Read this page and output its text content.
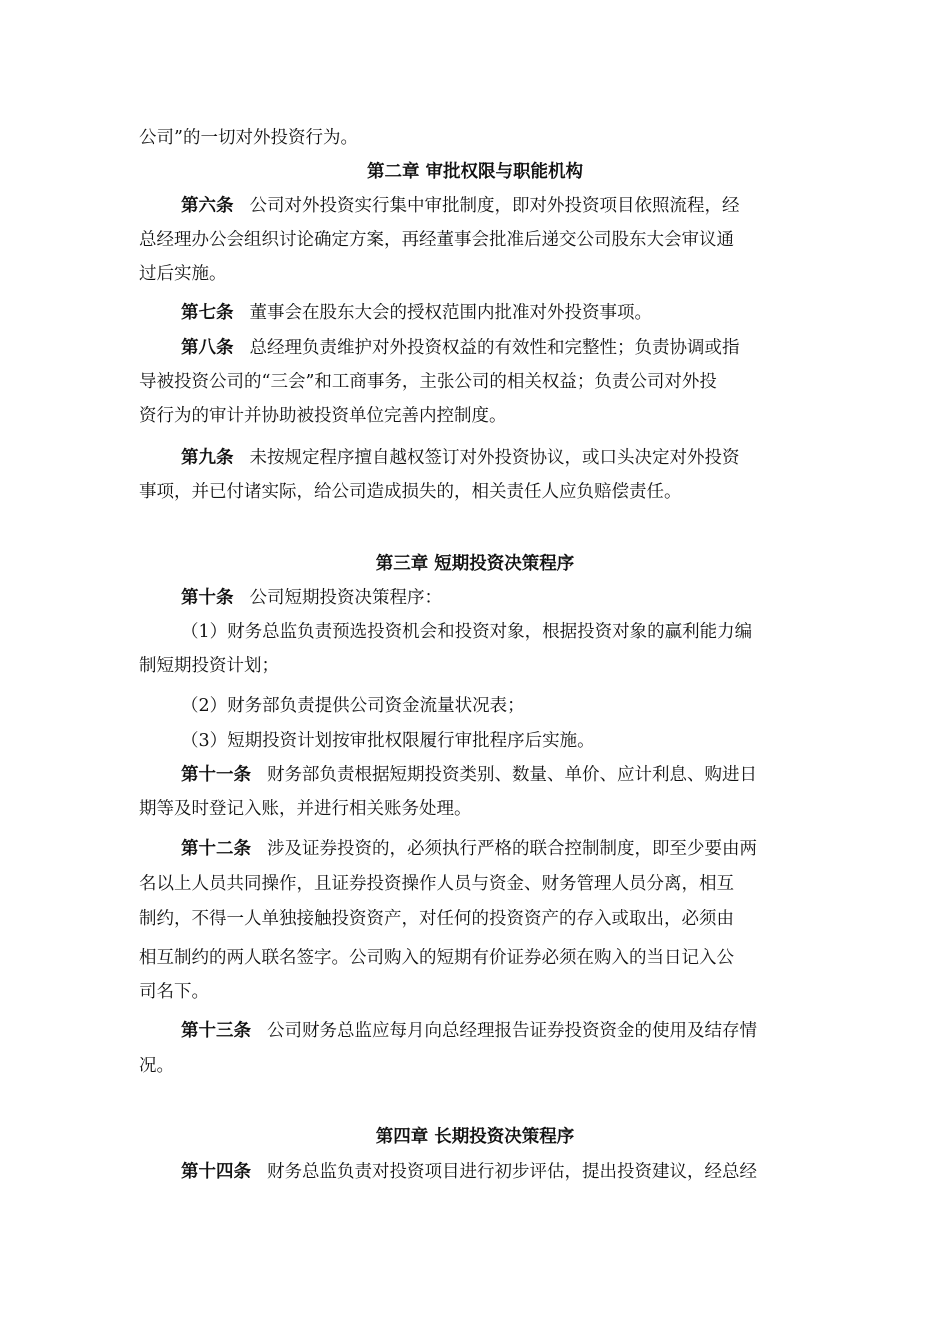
公司”的一切对外投资行为。
第二章 审批权限与职能机构
第六条 公司对外投资实行集中审批制度，即对外投资项目依照流程，经
总经理办公会组织讨论确定方案，再经董事会批准后递交公司股东大会审议通
过后实施。
第七条 董事会在股东大会的授权范围内批准对外投资事项。
第八条 总经理负责维护对外投资权益的有效性和完整性；负责协调或指
导被投资公司的“三会”和工商事务，主张公司的相关权益；负责公司对外投
资行为的审计并协助被投资单位完善内控制度。
第九条 未按规定程序擅自越权签订对外投资协议，或口头决定对外投资
事项，并已付诸实际，给公司造成损失的，相关责任人应负赔偿责任。
第三章 短期投资决策程序
第十条 公司短期投资决策程序：
（1）财务总监负责预选投资机会和投资对象，根据投资对象的赢利能力编
制短期投资计划；
（2）财务部负责提供公司资金流量状况表；
（3）短期投资计划按审批权限履行审批程序后实施。
第十一条 财务部负责根据短期投资类别、数量、单价、应计利息、购进日
期等及时登记入账，并进行相关账务处理。
第十二条 涉及证券投资的，必须执行严格的联合控制制度，即至少要由两
名以上人员共同操作，且证券投资操作人员与资金、财务管理人员分离，相互
制约，不得一人单独接触投资资产，对任何的投资资产的存入或取出，必须由
相互制约的两人联名签字。公司购入的短期有价证券必须在购入的当日记入公
司名下。
第十三条 公司财务总监应每月向总经理报告证券投资资金的使用及结存情
况。
第四章 长期投资决策程序
第十四条 财务总监负责对投资项目进行初步评估，提出投资建议，经总经
